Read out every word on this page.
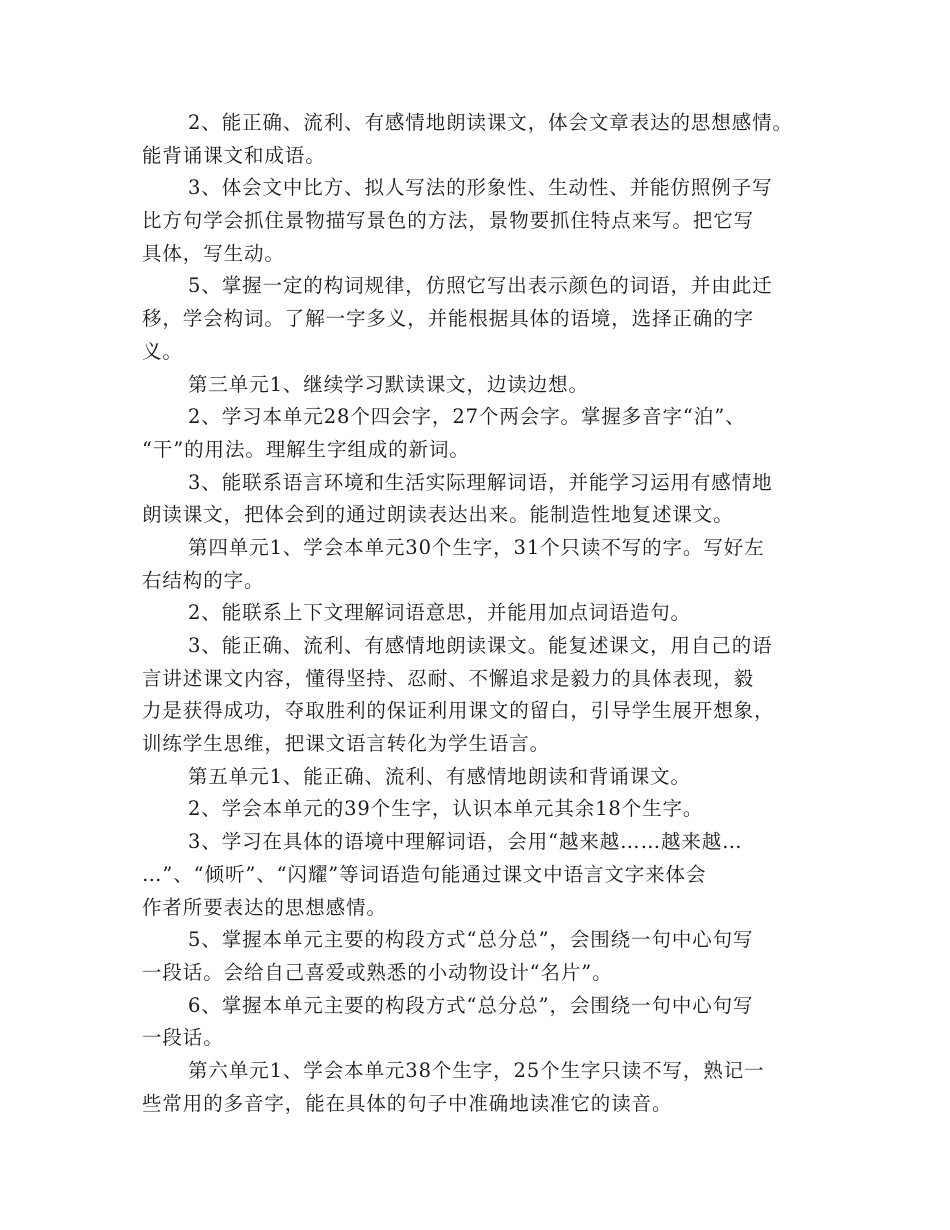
2、能正确、流利、有感情地朗读课文，体会文章表达的思想感情。
能背诵课文和成语。
3、体会文中比方、拟人写法的形象性、生动性、并能仿照例子写
比方句学会抓住景物描写景色的方法，景物要抓住特点来写。把它写
具体，写生动。
5、掌握一定的构词规律，仿照它写出表示颜色的词语，并由此迁
移，学会构词。了解一字多义，并能根据具体的语境，选择正确的字
义。
第三单元1、继续学习默读课文，边读边想。
2、学习本单元28个四会字，27个两会字。掌握多音字“泊”、
“干”的用法。理解生字组成的新词。
3、能联系语言环境和生活实际理解词语，并能学习运用有感情地
朗读课文，把体会到的通过朗读表达出来。能制造性地复述课文。
第四单元1、学会本单元30个生字，31个只读不写的字。写好左
右结构的字。
2、能联系上下文理解词语意思，并能用加点词语造句。
3、能正确、流利、有感情地朗读课文。能复述课文，用自己的语
言讲述课文内容，懂得坚持、忍耐、不懈追求是毅力的具体表现，毅
力是获得成功，夺取胜利的保证利用课文的留白，引导学生展开想象，
训练学生思维，把课文语言转化为学生语言。
第五单元1、能正确、流利、有感情地朗读和背诵课文。
2、学会本单元的39个生字，认识本单元其余18个生字。
3、学习在具体的语境中理解词语，会用“越来越……越来越…
…”、“倾听”、“闪耀”等词语造句能通过课文中语言文字来体会
作者所要表达的思想感情。
5、掌握本单元主要的构段方式“总分总”，会围绕一句中心句写
一段话。会给自己喜爱或熟悉的小动物设计“名片”。
6、掌握本单元主要的构段方式“总分总”，会围绕一句中心句写
一段话。
第六单元1、学会本单元38个生字，25个生字只读不写，熟记一
些常用的多音字，能在具体的句子中准确地读准它的读音。
